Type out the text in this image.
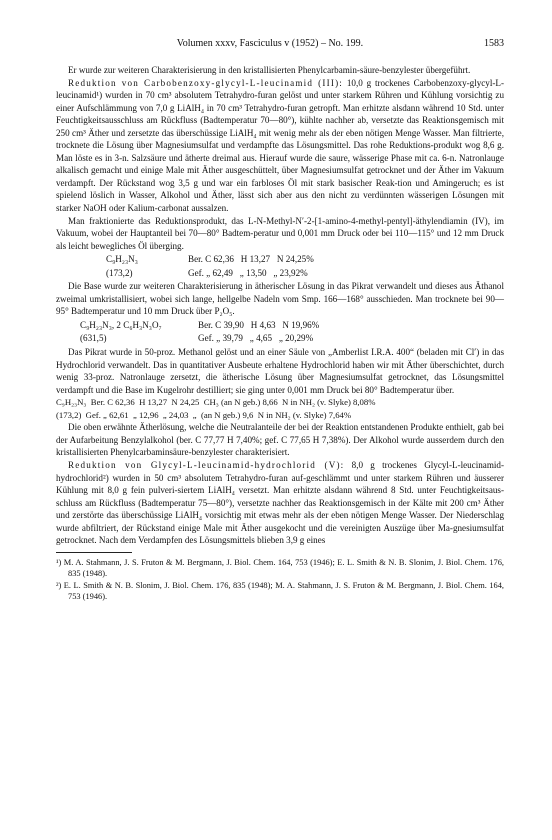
Volumen xxxv, Fasciculus v (1952) – No. 199.	1583

Er wurde zur weiteren Charakterisierung in den kristallisierten Phenylcarbamin-säure-benzylester übergeführt.

Reduktion von Carbobenzoxy-glycyl-L-leucinamid (III): 10,0 g trockenes Carbobenzoxy-glycyl-L-leucinamid¹) wurden in 70 cm³ absolutem Tetrahydro-furan gelöst und unter starkem Rühren und Kühlung vorsichtig zu einer Aufschlämmung von 7,0 g LiAlH₄ in 70 cm³ Tetrahydro-furan getropft. Man erhitzte alsdann während 10 Std. unter Feuchtigkeitsausschluss am Rückfluss (Badtemperatur 70—80°), kühlte nachher ab, versetzte das Reaktionsgemisch mit 250 cm³ Äther und zersetzte das überschüssige LiAlH₄ mit wenig mehr als der eben nötigen Menge Wasser. Man filtrierte, trocknete die Lösung über Magnesiumsulfat und verdampfte das Lösungsmittel. Das rohe Reduktions-produkt wog 8,6 g. Man löste es in 3-n. Salzsäure und ätherte dreimal aus. Hierauf wurde die saure, wässerige Phase mit ca. 6-n. Natronlauge alkalisch gemacht und einige Male mit Äther ausgeschüttelt, über Magnesiumsulfat getrocknet und der Äther im Vakuum verdampft. Der Rückstand wog 3,5 g und war ein farbloses Öl mit stark basischer Reak-tion und Amingeruch; es ist spielend löslich in Wasser, Alkohol und Äther, lässt sich aber aus den nicht zu verdünnten wässerigen Lösungen mit starker NaOH oder Kalium-carbonat aussalzen.

Man fraktionierte das Reduktionsprodukt, das L-N-Methyl-N′-2-[1-amino-4-methyl-pentyl]-äthylendiamin (IV), im Vakuum, wobei der Hauptanteil bei 70—80° Badtem-peratur und 0,001 mm Druck oder bei 110—115° und 12 mm Druck als leicht bewegliches Öl überging.

C₉H₂₃N₃	Ber. C 62,36   H 13,27   N 24,25%
(173,2)	Gef. „ 62,49   „ 13,50   „ 23,92%

Die Base wurde zur weiteren Charakterisierung in ätherischer Lösung in das Pikrat verwandelt und dieses aus Äthanol zweimal umkristallisiert, wobei sich lange, hellgelbe Nadeln vom Smp. 166—168° ausschieden. Man trocknete bei 90—95° Badtemperatur und 10 mm Druck über P₂O₅.

C₉H₂₃N₃, 2 C₆H₃N₃O₇	Ber. C 39,90   H 4,63   N 19,96%
(631,5)	Gef. „ 39,79   „ 4,65   „ 20,29%

Das Pikrat wurde in 50-proz. Methanol gelöst und an einer Säule von „Amberlist I.R.A. 400“ (beladen mit Cl′) in das Hydrochlorid verwandelt. Das in quantitativer Ausbeute erhaltene Hydrochlorid haben wir mit Äther überschichtet, durch wenig 33-proz. Natronlauge zersetzt, die ätherische Lösung über Magnesiumsulfat getrocknet, das Lösungsmittel verdampft und die Base im Kugelrohr destilliert; sie ging unter 0,001 mm Druck bei 80° Badtemperatur über.

C₉H₂₃N₃  Ber. C 62,36  H 13,27  N 24,25  CH₃ (an N geb.) 8,66  N in NH₂ (v. Slyke) 8,08%
(173,2)  Gef. „ 62,61  „ 12,96  „ 24,03  „  (an N geb.) 9,6  N in NH₂ (v. Slyke) 7,64%

Die oben erwähnte Ätherlösung, welche die Neutralanteile der bei der Reaktion entstandenen Produkte enthielt, gab bei der Aufarbeitung Benzylalkohol (ber. C 77,77 H 7,40%; gef. C 77,65 H 7,38%). Der Alkohol wurde ausserdem durch den kristallisierten Phenylcarbaminsäure-benzylester charakterisiert.

Reduktion von Glycyl-L-leucinamid-hydrochlorid (V): 8,0 g trockenes Glycyl-L-leucinamid-hydrochlorid²) wurden in 50 cm³ absolutem Tetrahydro-furan auf-geschlämmt und unter starkem Rühren und äusserer Kühlung mit 8,0 g fein pulveri-siertem LiAlH₄ versetzt. Man erhitzte alsdann während 8 Std. unter Feuchtigkeitsaus-schluss am Rückfluss (Badtemperatur 75—80°), versetzte nachher das Reaktionsgemisch in der Kälte mit 200 cm³ Äther und zerstörte das überschüssige LiAlH₄ vorsichtig mit etwas mehr als der eben nötigen Menge Wasser. Der Niederschlag wurde abfiltriert, der Rückstand einige Male mit Äther ausgekocht und die vereinigten Auszüge über Ma-gnesiumsulfat getrocknet. Nach dem Verdampfen des Lösungsmittels blieben 3,9 g eines

¹) M. A. Stahmann, J. S. Fruton & M. Bergmann, J. Biol. Chem. 164, 753 (1946); E. L. Smith & N. B. Slonim, J. Biol. Chem. 176, 835 (1948).

²) E. L. Smith & N. B. Slonim, J. Biol. Chem. 176, 835 (1948); M. A. Stahmann, J. S. Fruton & M. Bergmann, J. Biol. Chem. 164, 753 (1946).
